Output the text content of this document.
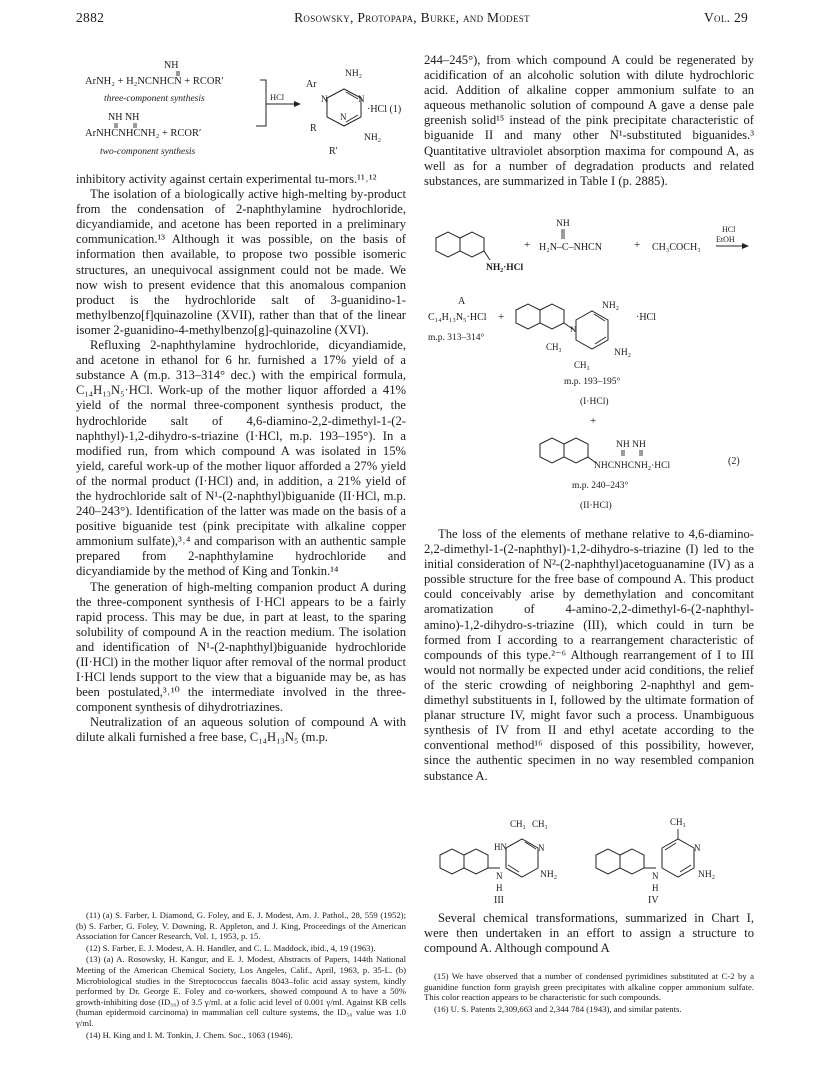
2882	Rosowsky, Protopapa, Burke, and Modest	Vol. 29
NH
ArNH₂ + H₂NCNHCN + RCOR′
three-component synthesis
NH NH
ArNHCNHCNH₂ + RCOR′
two-component synthesis
HCl
Ar
NH₂
N	N
N
·HCl (1)
R
R′
NH₂

inhibitory activity against certain experimental tu-mors.¹¹˒¹²

The isolation of a biologically active high-melting by-product from the condensation of 2-naphthylamine hydrochloride, dicyandiamide, and acetone has been reported in a preliminary communication.¹³ Although it was possible, on the basis of information then available, to propose two possible isomeric structures, an unequivocal assignment could not be made. We now wish to present evidence that this anomalous companion product is the hydrochloride salt of 3-guanidino-1-methylbenzo[f]quinazoline (XVII), rather than that of the linear isomer 2-guanidino-4-methylbenzo[g]-quinazoline (XVI).

Refluxing 2-naphthylamine hydrochloride, dicyandiamide, and acetone in ethanol for 6 hr. furnished a 17% yield of a substance A (m.p. 313–314° dec.) with the empirical formula, C₁₄H₁₃N₅·HCl. Work-up of the mother liquor afforded a 41% yield of the normal three-component synthesis product, the hydrochloride salt of 4,6-diamino-2,2-dimethyl-1-(2-naphthyl)-1,2-dihydro-s-triazine (I·HCl, m.p. 193–195°). In a modified run, from which compound A was isolated in 15% yield, careful work-up of the mother liquor afforded a 27% yield of the normal product (I·HCl) and, in addition, a 21% yield of the hydrochloride salt of N¹-(2-naphthyl)biguanide (II·HCl, m.p. 240–243°). Identification of the latter was made on the basis of a positive biguanide test (pink precipitate with alkaline copper ammonium sulfate),³˒⁴ and comparison with an authentic sample prepared from 2-naphthylamine hydrochloride and dicyandiamide by the method of King and Tonkin.¹⁴

The generation of high-melting companion product A during the three-component synthesis of I·HCl appears to be a fairly rapid process. This may be due, in part at least, to the sparing solubility of compound A in the reaction medium. The isolation and identification of N¹-(2-naphthyl)biguanide hydrochloride (II·HCl) in the mother liquor after removal of the normal product I·HCl lends support to the view that a biguanide may be, as has been postulated,³˒¹⁰ the intermediate involved in the three-component synthesis of dihydrotriazines.

Neutralization of an aqueous solution of compound A with dilute alkali furnished a free base, C₁₄H₁₃N₅ (m.p.

(11) (a) S. Farber, I. Diamond, G. Foley, and E. J. Modest, Am. J. Pathol., 28, 559 (1952); (b) S. Farber, G. Foley, V. Downing, R. Appleton, and J. King, Proceedings of the American Association for Cancer Research, Vol. 1, 1953, p. 15.

(12) S. Farber, E. J. Modest, A. H. Handler, and C. L. Maddock, ibid., 4, 19 (1963).

(13) (a) A. Rosowsky, H. Kangur, and E. J. Modest, Abstracts of Papers, 144th National Meeting of the American Chemical Society, Los Angeles, Calif., April, 1963, p. 35-L. (b) Microbiological studies in the Streptococcus faecalis 8043–folic acid assay system, kindly performed by Dr. George E. Foley and co-workers, showed compound A to have a 50% growth-inhibiting dose (ID₅₀) of 3.5 γ/ml. at a folic acid level of 0.001 γ/ml. Against KB cells (human epidermoid carcinoma) in mammalian cell culture systems, the ID₅₀ value was 1.0 γ/ml.

(14) H. King and I. M. Tonkin, J. Chem. Soc., 1063 (1946).

244–245°), from which compound A could be regenerated by acidification of an alcoholic solution with dilute hydrochloric acid. Addition of alkaline copper ammonium sulfate to an aqueous methanolic solution of compound A gave a dense pale greenish solid¹⁵ instead of the pink precipitate characteristic of biguanide II and many other N¹-substituted biguanides.³ Quantitative ultraviolet absorption maxima for compound A, as well as for a number of degradation products and related substances, are summarized in Table I (p. 2885).

NH₂·HCl
+
NH
H₂N–C–NHCN	+ CH₃COCH₃
HCl
EtOH
A
C₁₄H₁₃N₅·HCl +
m.p. 313–314°
NH₂
·HCl
N
CH₃
CH₃
NH₂
m.p. 193–195°
(I·HCl)
+
NH NH
NHCNHCNH₂·HCl	(2)
m.p. 240–243°
(II·HCl)

The loss of the elements of methane relative to 4,6-diamino-2,2-dimethyl-1-(2-naphthyl)-1,2-dihydro-s-triazine (I) led to the initial consideration of N²-(2-naphthyl)acetoguanamine (IV) as a possible structure for the free base of compound A. This product could conceivably arise by demethylation and concomitant aromatization of 4-amino-2,2-dimethyl-6-(2-naphthyl-amino)-1,2-dihydro-s-triazine (III), which could in turn be formed from I according to a rearrangement characteristic of compounds of this type.²⁻⁶ Although rearrangement of I to III would not normally be expected under acid conditions, the relief of the steric crowding of neighboring 2-naphthyl and gem-dimethyl substituents in I, followed by the ultimate formation of planar structure IV, might favor such a process. Unambiguous synthesis of IV from II and ethyl acetate according to the conventional method¹⁶ disposed of this possibility, however, since the authentic specimen in no way resembled companion substance A.

CH₃ CH₃
HN	N
NH₂
N
H
III
CH₃
N
NH₂
N
H
IV

Several chemical transformations, summarized in Chart I, were then undertaken in an effort to assign a structure to compound A. Although compound A

(15) We have observed that a number of condensed pyrimidines substituted at C-2 by a guanidine function form grayish green precipitates with alkaline copper ammonium sulfate. This color reaction appears to be characteristic for such compounds.

(16) U. S. Patents 2,309,663 and 2,344 784 (1943), and similar patents.
